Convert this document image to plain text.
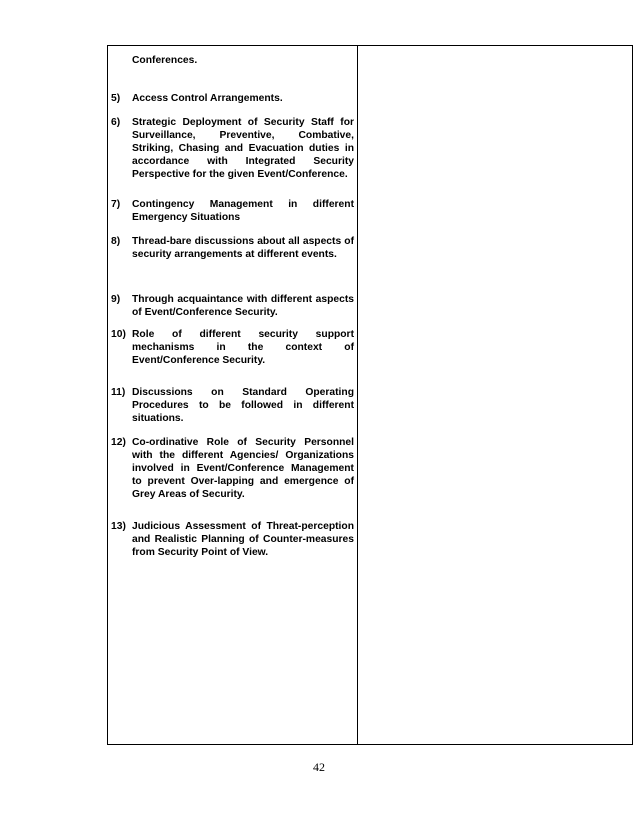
Conferences.
5) Access Control Arrangements.
6) Strategic Deployment of Security Staff for Surveillance, Preventive, Combative, Striking, Chasing and Evacuation duties in accordance with Integrated Security Perspective for the given Event/Conference.
7) Contingency Management in different Emergency Situations
8) Thread-bare discussions about all aspects of security arrangements at different events.
9) Through acquaintance with different aspects of Event/Conference Security.
10) Role of different security support mechanisms in the context of Event/Conference Security.
11) Discussions on Standard Operating Procedures to be followed in different situations.
12) Co-ordinative Role of Security Personnel with the different Agencies/ Organizations involved in Event/Conference Management to prevent Over-lapping and emergence of Grey Areas of Security.
13) Judicious Assessment of Threat-perception and Realistic Planning of Counter-measures from Security Point of View.
42
